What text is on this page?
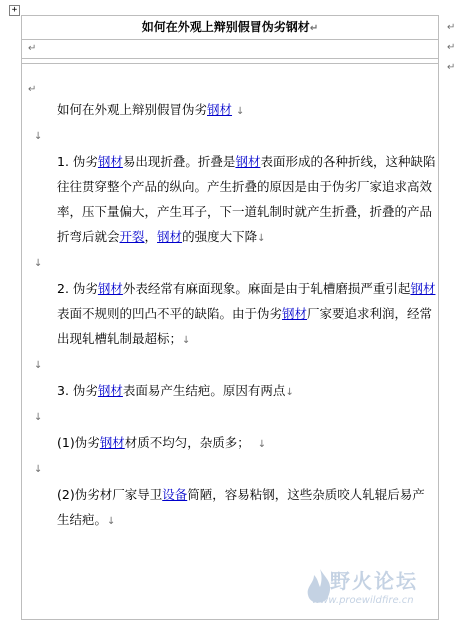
+
如何在外观上辩别假冒伪劣钢材↵
↵
↵

如何在外观上辩别假冒伪劣钢材 ↓

↓

1. 伪劣钢材易出现折叠。折叠是钢材表面形成的各种折线，这种缺陷往往贯穿整个产品的纵向。产生折叠的原因是由于伪劣厂家追求高效率，压下量偏大，产生耳子，下一道轧制时就产生折叠，折叠的产品折弯后就会开裂，钢材的强度大下降↓

↓

2. 伪劣钢材外表经常有麻面现象。麻面是由于轧槽磨损严重引起钢材表面不规则的凹凸不平的缺陷。由于伪劣钢材厂家要追求利润，经常出现轧槽轧制最超标；↓

↓

3. 伪劣钢材表面易产生结疤。原因有两点↓

↓

(1)伪劣钢材材质不均匀，杂质多； ↓

↓

(2)伪劣材厂家导卫设备简陋，容易粘钢，这些杂质咬人轧辊后易产生结疤。↓

↵
↵
↵
野火论坛
www.proewildfire.cn
